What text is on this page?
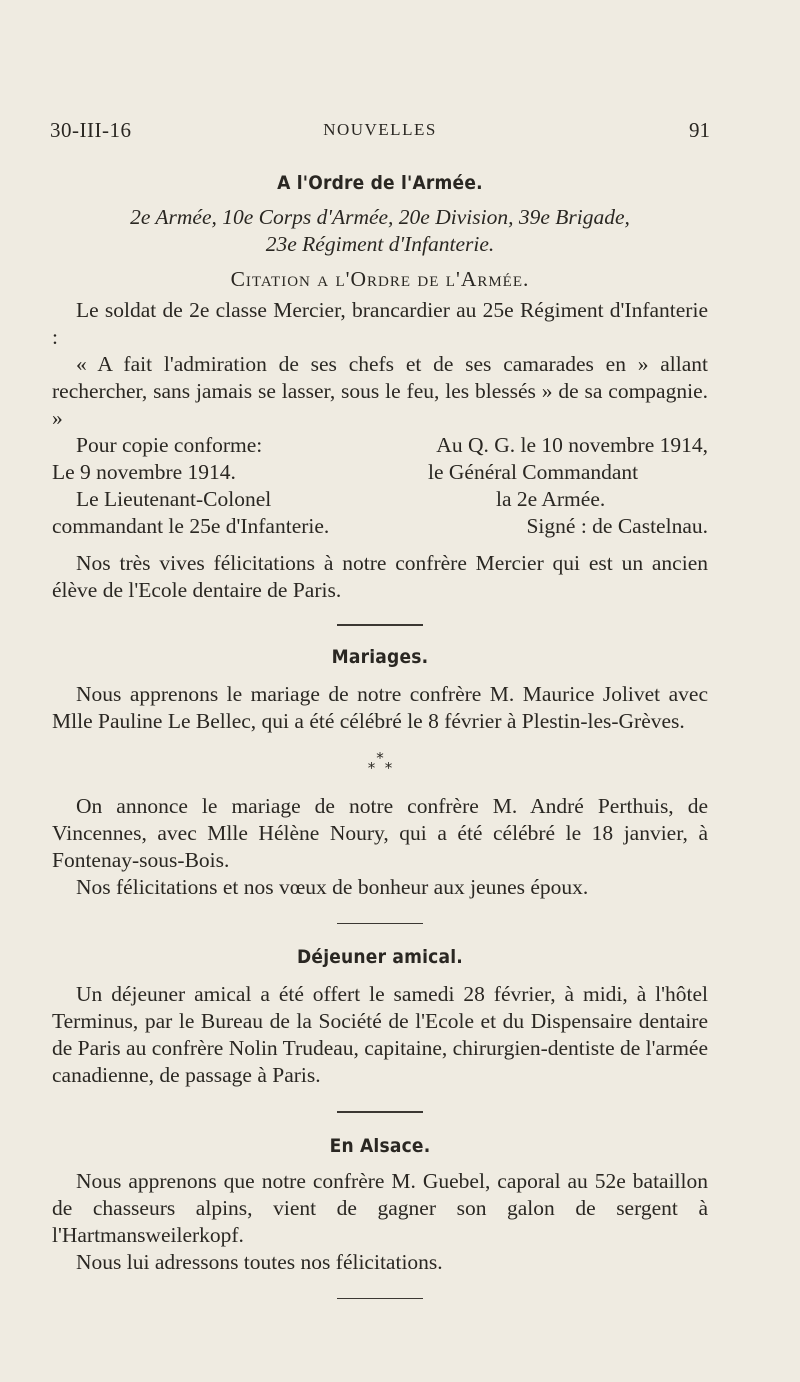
30-III-16	NOUVELLES	91

A l'Ordre de l'Armée.

2e Armée, 10e Corps d'Armée, 20e Division, 39e Brigade,

23e Régiment d'Infanterie.

Citation a l'Ordre de l'Armée.

Le soldat de 2e classe Mercier, brancardier au 25e Régiment d'Infanterie :

« A fait l'admiration de ses chefs et de ses camarades en » allant rechercher, sans jamais se lasser, sous le feu, les blessés » de sa compagnie. »

Pour copie conforme:	Au Q. G. le 10 novembre 1914,
Le 9 novembre 1914.	le Général Commandant
Le Lieutenant-Colonel	la 2e Armée.
commandant le 25e d'Infanterie.	Signé : de Castelnau.

Nos très vives félicitations à notre confrère Mercier qui est un ancien élève de l'Ecole dentaire de Paris.

Mariages.

Nous apprenons le mariage de notre confrère M. Maurice Jolivet avec Mlle Pauline Le Bellec, qui a été célébré le 8 février à Plestin-les-Grèves.

*
* *

On annonce le mariage de notre confrère M. André Perthuis, de Vincennes, avec Mlle Hélène Noury, qui a été célébré le 18 janvier, à Fontenay-sous-Bois.

Nos félicitations et nos vœux de bonheur aux jeunes époux.

Déjeuner amical.

Un déjeuner amical a été offert le samedi 28 février, à midi, à l'hôtel Terminus, par le Bureau de la Société de l'Ecole et du Dispensaire dentaire de Paris au confrère Nolin Trudeau, capitaine, chirurgien-dentiste de l'armée canadienne, de passage à Paris.

En Alsace.

Nous apprenons que notre confrère M. Guebel, caporal au 52e bataillon de chasseurs alpins, vient de gagner son galon de sergent à l'Hartmansweilerkopf.

Nous lui adressons toutes nos félicitations.
